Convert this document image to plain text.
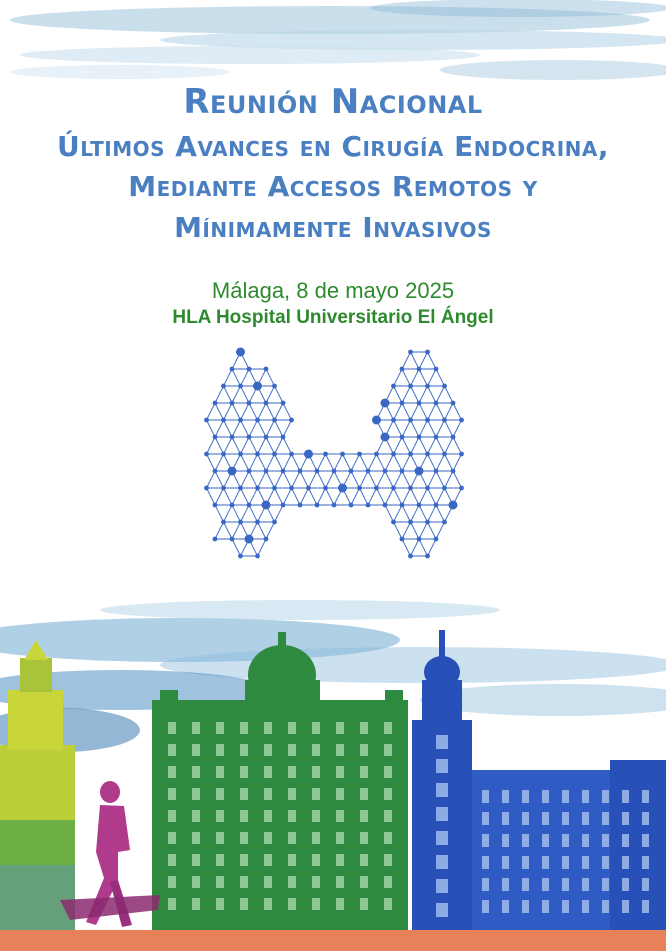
Reunión Nacional
Últimos Avances en Cirugía Endocrina,
Mediante Accesos Remotos y
Mínimamente Invasivos
Málaga, 8 de mayo 2025
HLA Hospital Universitario El Ángel
